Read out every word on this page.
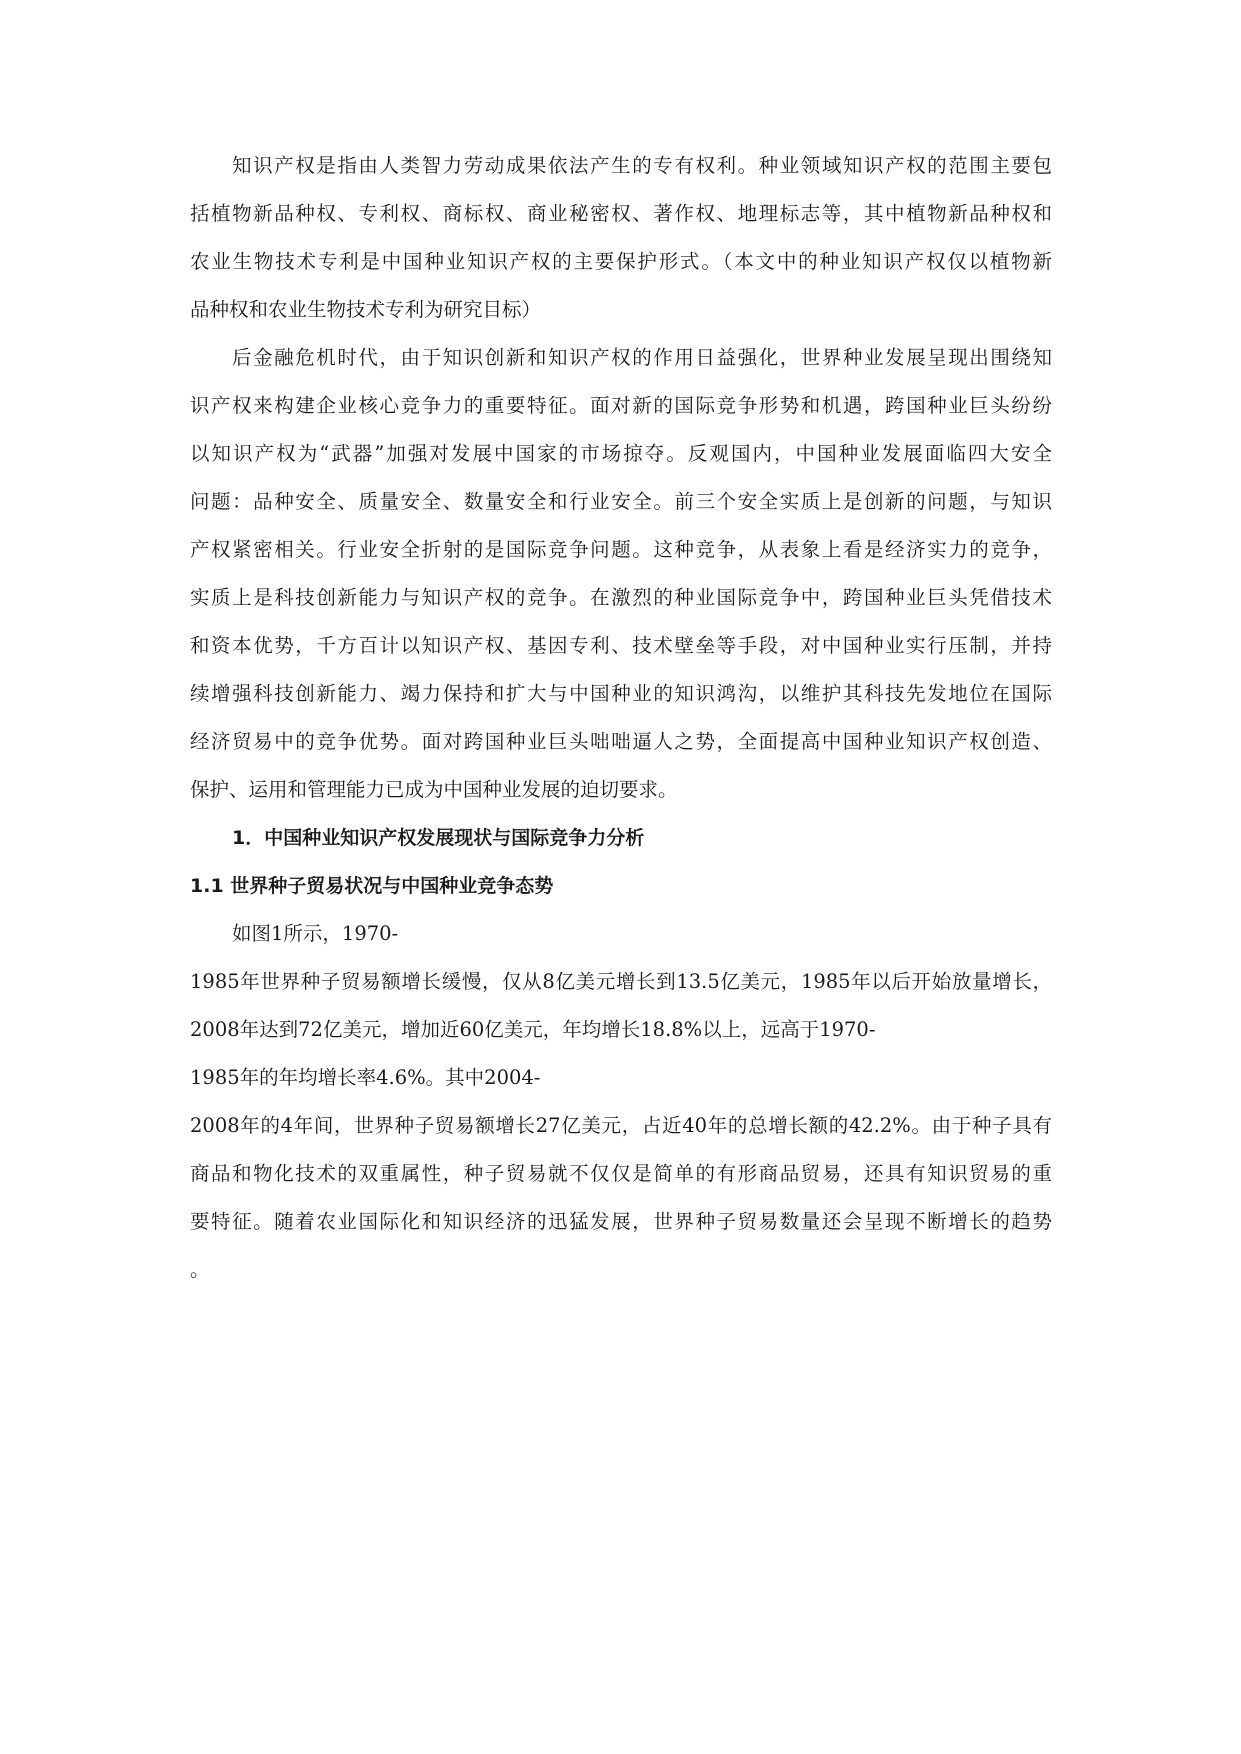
知识产权是指由人类智力劳动成果依法产生的专有权利。种业领域知识产权的范围主要包
括植物新品种权、专利权、商标权、商业秘密权、著作权、地理标志等，其中植物新品种权和
农业生物技术专利是中国种业知识产权的主要保护形式。（本文中的种业知识产权仅以植物新
品种权和农业生物技术专利为研究目标）
后金融危机时代，由于知识创新和知识产权的作用日益强化，世界种业发展呈现出围绕知
识产权来构建企业核心竞争力的重要特征。面对新的国际竞争形势和机遇，跨国种业巨头纷纷
以知识产权为“武器”加强对发展中国家的市场掠夺。反观国内，中国种业发展面临四大安全
问题：品种安全、质量安全、数量安全和行业安全。前三个安全实质上是创新的问题，与知识
产权紧密相关。行业安全折射的是国际竞争问题。这种竞争，从表象上看是经济实力的竞争，
实质上是科技创新能力与知识产权的竞争。在激烈的种业国际竞争中，跨国种业巨头凭借技术
和资本优势，千方百计以知识产权、基因专利、技术壁垒等手段，对中国种业实行压制，并持
续增强科技创新能力、竭力保持和扩大与中国种业的知识鸿沟，以维护其科技先发地位在国际
经济贸易中的竞争优势。面对跨国种业巨头咄咄逼人之势，全面提高中国种业知识产权创造、
保护、运用和管理能力已成为中国种业发展的迫切要求。
1．中国种业知识产权发展现状与国际竞争力分析
1.1 世界种子贸易状况与中国种业竞争态势
如图1所示，1970-
1985年世界种子贸易额增长缓慢，仅从8亿美元增长到13.5亿美元，1985年以后开始放量增长，
2008年达到72亿美元，增加近60亿美元，年均增长18.8%以上，远高于1970-
1985年的年均增长率4.6%。其中2004-
2008年的4年间，世界种子贸易额增长27亿美元，占近40年的总增长额的42.2%。由于种子具有
商品和物化技术的双重属性，种子贸易就不仅仅是简单的有形商品贸易，还具有知识贸易的重
要特征。随着农业国际化和知识经济的迅猛发展，世界种子贸易数量还会呈现不断增长的趋势
。
